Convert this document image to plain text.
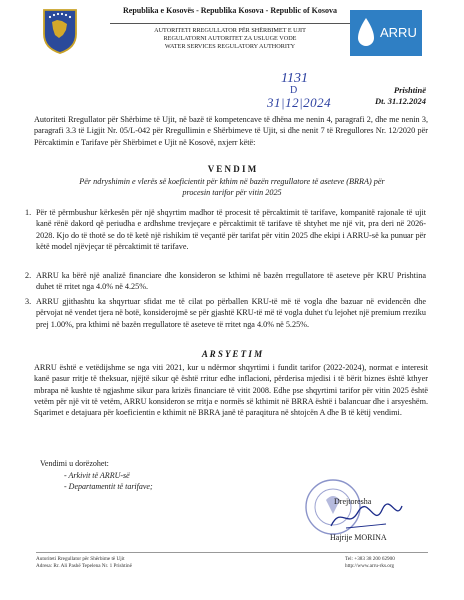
Republika e Kosovës - Republika Kosova - Republic of Kosova
AUTORITETI RREGULLATOR PËR SHËRBIMET E UJIT
REGULATORNI AUTORITET ZA USLUGE VODE
WATER SERVICES REGULATORY AUTHORITY
ARRU
1131
D
31|12|2024
Prishtinë
Dt. 31.12.2024
Autoriteti Rregullator për Shërbime të Ujit, në bazë të kompetencave të dhëna me nenin 4, paragrafi 2, dhe me nenin 3, paragrafi 3.3 të Ligjit Nr. 05/L-042 për Rregullimin e Shërbimeve të Ujit, si dhe nenit 7 të Rregullores Nr. 12/2020 për Përcaktimin e Tarifave për Shërbimet e Ujit në Kosovë, nxjerr këtë:
V E N D I M
Për ndryshimin e vlerës së koeficientit për kthim në bazën rregullatore të aseteve (BRRA) për procesin tarifor për vitin 2025
1. Për të përmbushur kërkesën për një shqyrtim madhor të procesit të përcaktimit të tarifave, kompanitë rajonale të ujit kanë rënë dakord që periudha e ardhshme trevjeçare e përcaktimit të tarifave të shtyhet me një vit, pra deri në 2026-2028. Kjo do të thotë se do të ketë një rishikim të veçantë për tarifat për vitin 2025 dhe ekipi i ARRU-së ka punuar për këtë model njëvjeçar të përcaktimit të tarifave.
2. ARRU ka bërë një analizë financiare dhe konsideron se kthimi në bazën rregullatore të aseteve për KRU Prishtina duhet të rritet nga 4.0% në 4.25%.
3. ARRU gjithashtu ka shqyrtuar sfidat me të cilat po përballen KRU-të më të vogla dhe bazuar në evidencën dhe përvojat në vendet tjera në botë, konsiderojmë se për gjashtë KRU-të më të vogla duhet t'u lejohet një premium rreziku prej 1.00%, pra kthimi në bazën rregullatore të aseteve të rritet nga 4.0% në 5.25%.
A R S Y E T I M
ARRU është e vetëdijshme se nga viti 2021, kur u ndërmor shqyrtimi i fundit tarifor (2022-2024), normat e interesit kanë pasur rritje të theksuar, njëjtë sikur që është rritur edhe inflacioni, përderisa mjedisi i të bërit biznes është kthyer mbrapa në kushte të ngjashme sikur para krizës financiare të vitit 2008. Edhe pse shqyrtimi tarifor për vitin 2025 është vetëm për një vit të vetëm, ARRU konsideron se rritja e normës së kthimit në BRRA është i balancuar dhe i arsyeshëm. Sqarimet e detajuara për koeficientin e kthimit në BRRA janë të paraqitura në shtojcën A dhe B të këtij vendimi.
Vendimi u dorëzohet:
- Arkivit të ARRU-së
- Departamentit të tarifave;
Drejtoresha
Hajrije MORINA
Autoriteti Rregullator për Shërbime të Ujit
Adresa: Rr. Ali Pashë Tepelena Nr. 1 Prishtinë
Tel: +383 38 200 62900
http://www.arru-rks.org
